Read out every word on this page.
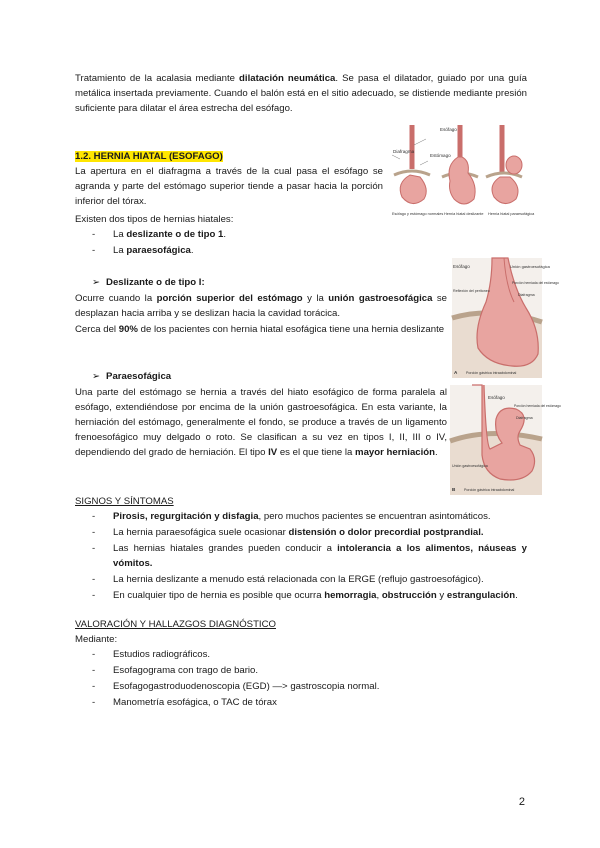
Tratamiento de la acalasia mediante dilatación neumática. Se pasa el dilatador, guiado por una guía metálica insertada previamente. Cuando el balón está en el sitio adecuado, se distiende mediante presión suficiente para dilatar el área estrecha del esófago.

1.2. HERNIA HIATAL (ESOFAGO)

La apertura en el diafragma a través de la cual pasa el esófago se agranda y parte del estómago superior tiende a pasar hacia la porción inferior del tórax.

Existen dos tipos de hernias hiatales:

- La deslizante o de tipo 1.
- La paraesofágica.
➢ Deslizante o de tipo I:

Ocurre cuando la porción superior del estómago y la unión gastroesofágica se desplazan hacia arriba y se deslizan hacia la cavidad torácica.

Cerca del 90% de los pacientes con hernia hiatal esofágica tiene una hernia deslizante

➢ Paraesofágica

Una parte del estómago se hernia a través del hiato esofágico de forma paralela al esófago, extendiéndose por encima de la unión gastroesofágica. En esta variante, la herniación del estómago, generalmente el fondo, se produce a través de un ligamento frenoesofágico muy delgado o roto. Se clasifican a su vez en tipos I, II, III o IV, dependiendo del grado de herniación. El tipo IV es el que tiene la mayor herniación.

SIGNOS Y SÍNTOMAS

- Pirosis, regurgitación y disfagia, pero muchos pacientes se encuentran asintomáticos.
- La hernia paraesofágica suele ocasionar distensión o dolor precordial postprandial.
- Las hernias hiatales grandes pueden conducir a intolerancia a los alimentos, náuseas y vómitos.
- La hernia deslizante a menudo está relacionada con la ERGE (reflujo gastroesofágico).
- En cualquier tipo de hernia es posible que ocurra hemorragia, obstrucción y estrangulación.

VALORACIÓN Y HALLAZGOS DIAGNÓSTICO

Mediante:

- Estudios radiográficos.
- Esofagograma con trago de bario.
- Esofagogastroduodenoscopia (EGD) —> gastroscopia normal.
- Manometría esofágica, o TAC de tórax
Esófago
Diafragma
Estómago
Esófago y estómago normales Hernia hiatal deslizante Hernia hiatal paraesofágica
Esófago	Unión gastroesofágica
Reflexión del peritoneo
Porción herniada del estómago
Diafragma
A Porción gástrica intraabdominal
Esófago
Porción herniada del estómago
Diafragma
Unión gastroesofágica
B Porción gástrica intraabdominal
2
